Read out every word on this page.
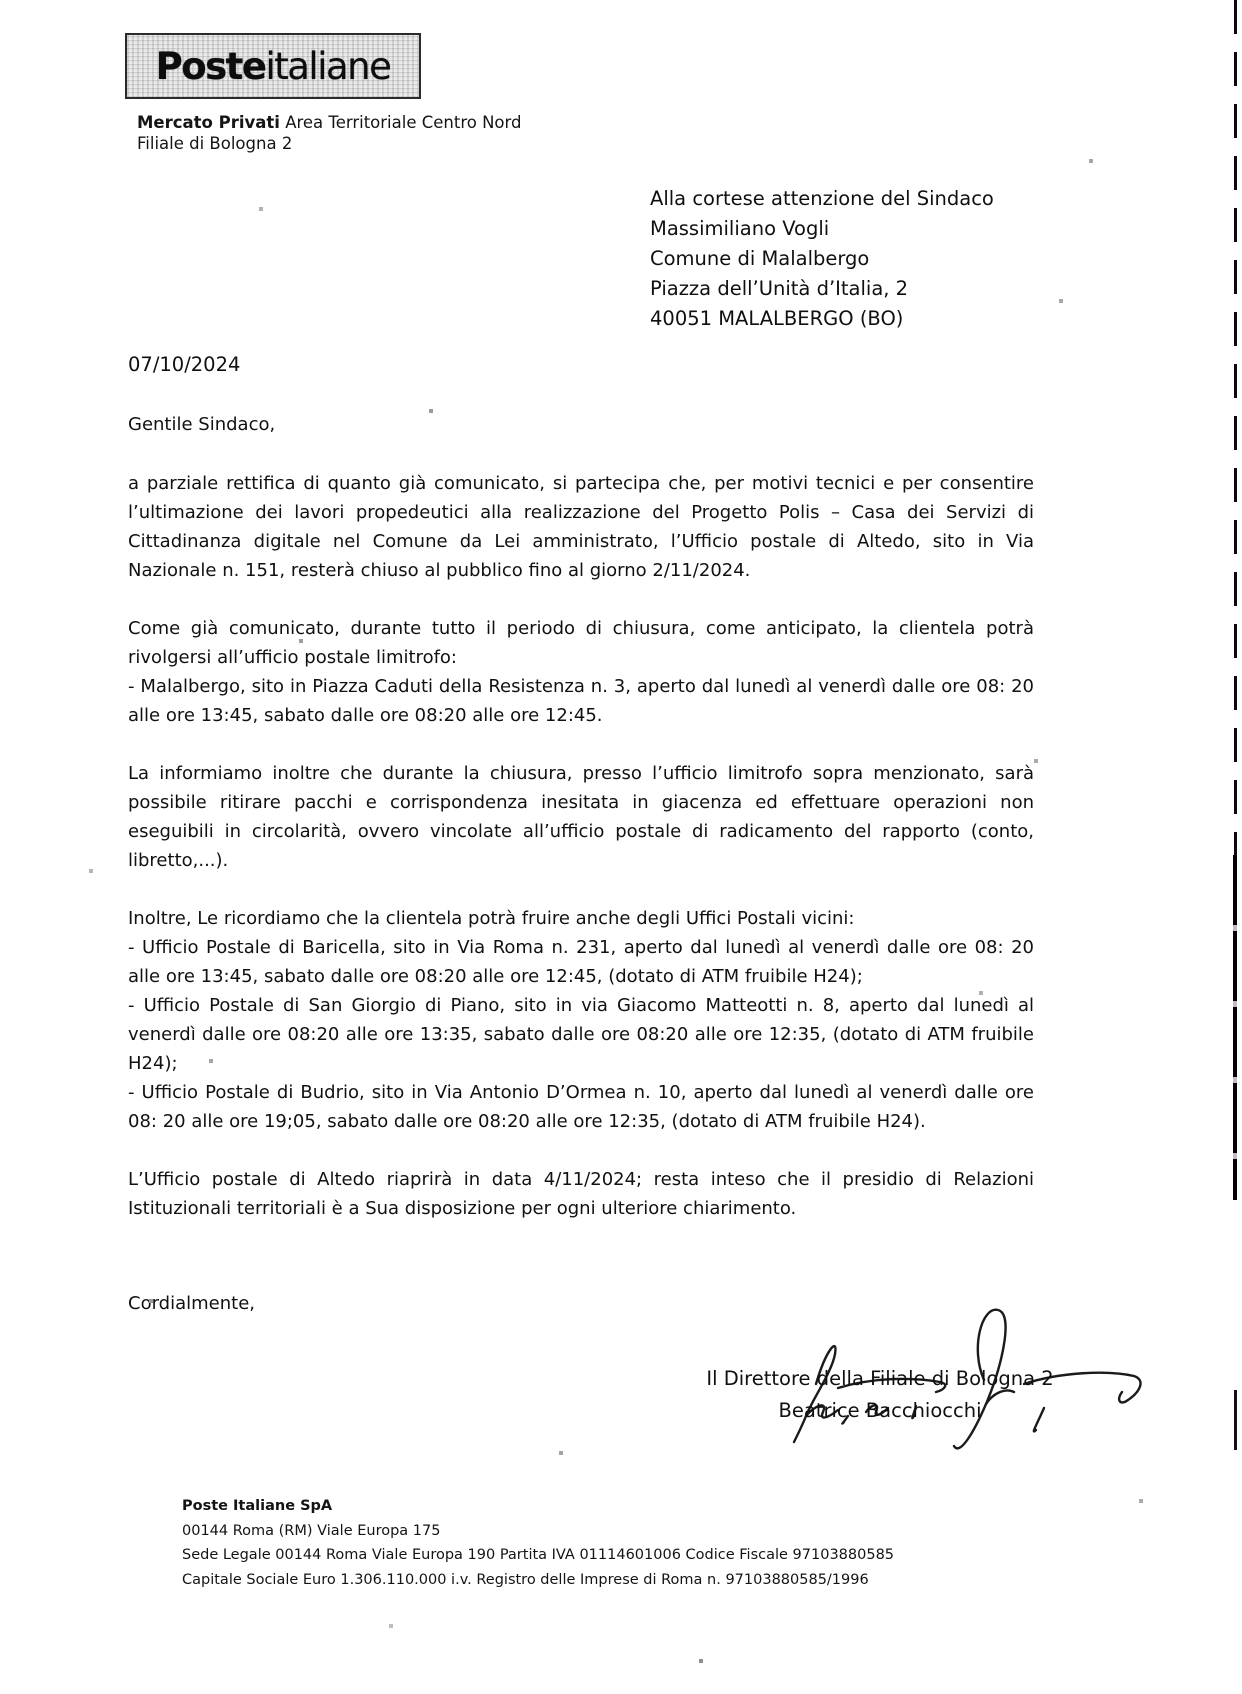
Posteitaliane
Mercato Privati Area Territoriale Centro Nord
Filiale di Bologna 2
Alla cortese attenzione del Sindaco
Massimiliano Vogli
Comune di Malalbergo
Piazza dell’Unità d’Italia, 2
40051 MALALBERGO (BO)
07/10/2024

Gentile Sindaco,

a parziale rettifica di quanto già comunicato, si partecipa che, per motivi tecnici e per consentire l’ultimazione dei lavori propedeutici alla realizzazione del Progetto Polis – Casa dei Servizi di Cittadinanza digitale nel Comune da Lei amministrato, l’Ufficio postale di Altedo, sito in Via Nazionale n. 151, resterà chiuso al pubblico fino al giorno 2/11/2024.

Come già comunicato, durante tutto il periodo di chiusura, come anticipato, la clientela potrà rivolgersi all’ufficio postale limitrofo:

- Malalbergo, sito in Piazza Caduti della Resistenza n. 3, aperto dal lunedì al venerdì dalle ore 08: 20 alle ore 13:45, sabato dalle ore 08:20 alle ore 12:45.

La informiamo inoltre che durante la chiusura, presso l’ufficio limitrofo sopra menzionato, sarà possibile ritirare pacchi e corrispondenza inesitata in giacenza ed effettuare operazioni non eseguibili in circolarità, ovvero vincolate all’ufficio postale di radicamento del rapporto (conto, libretto,...).

Inoltre, Le ricordiamo che la clientela potrà fruire anche degli Uffici Postali vicini:

- Ufficio Postale di Baricella, sito in Via Roma n. 231, aperto dal lunedì al venerdì dalle ore 08: 20 alle ore 13:45, sabato dalle ore 08:20 alle ore 12:45, (dotato di ATM fruibile H24);

- Ufficio Postale di San Giorgio di Piano, sito in via Giacomo Matteotti n. 8, aperto dal lunedì al venerdì dalle ore 08:20 alle ore 13:35, sabato dalle ore 08:20 alle ore 12:35, (dotato di ATM fruibile H24);

- Ufficio Postale di Budrio, sito in Via Antonio D’Ormea n. 10, aperto dal lunedì al venerdì dalle ore 08: 20 alle ore 19;05, sabato dalle ore 08:20 alle ore 12:35, (dotato di ATM fruibile H24).

L’Ufficio postale di Altedo riaprirà in data 4/11/2024; resta inteso che il presidio di Relazioni Istituzionali territoriali è a Sua disposizione per ogni ulteriore chiarimento.

Cordialmente,

Il Direttore della Filiale di Bologna 2
Beatrice Bacchiocchi
Poste Italiane SpA
00144 Roma (RM) Viale Europa 175
Sede Legale 00144 Roma Viale Europa 190 Partita IVA 01114601006 Codice Fiscale 97103880585
Capitale Sociale Euro 1.306.110.000 i.v. Registro delle Imprese di Roma n. 97103880585/1996
